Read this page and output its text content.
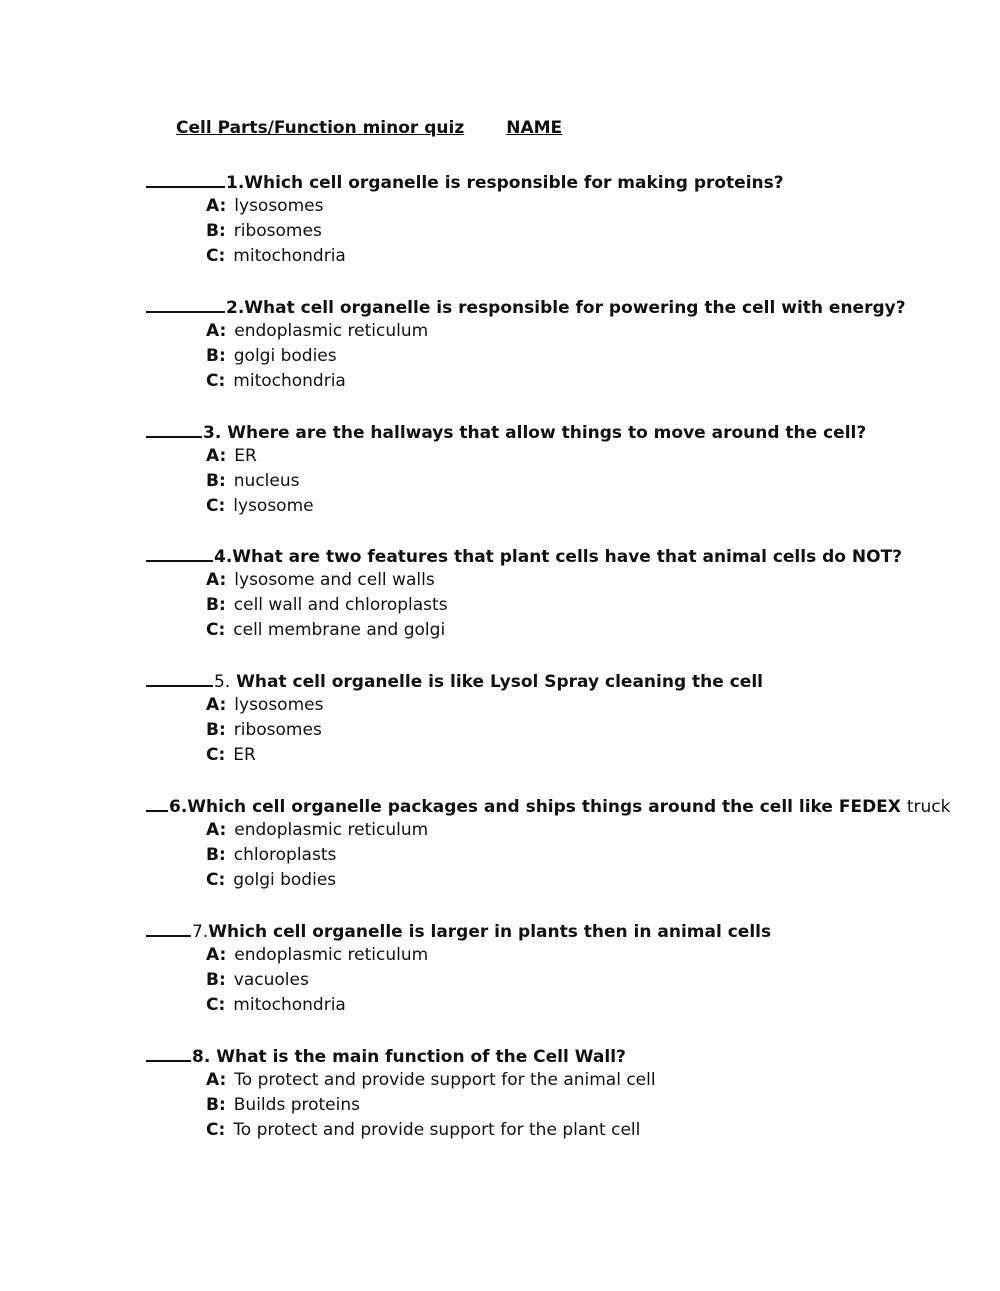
Cell Parts/Function minor quiz NAME
1.Which cell organelle is responsible for making proteins?
A: lysosomes
B: ribosomes
C: mitochondria
2.What cell organelle is responsible for powering the cell with energy?
A: endoplasmic reticulum
B: golgi bodies
C: mitochondria
3. Where are the hallways that allow things to move around the cell?
A: ER
B: nucleus
C: lysosome
4.What are two features that plant cells have that animal cells do NOT?
A: lysosome and cell walls
B: cell wall and chloroplasts
C: cell membrane and golgi
5. What cell organelle is like Lysol Spray cleaning the cell
A: lysosomes
B: ribosomes
C: ER
6.Which cell organelle packages and ships things around the cell like FEDEX truck
A: endoplasmic reticulum
B: chloroplasts
C: golgi bodies
7.Which cell organelle is larger in plants then in animal cells
A: endoplasmic reticulum
B: vacuoles
C: mitochondria
8. What is the main function of the Cell Wall?
A: To protect and provide support for the animal cell
B: Builds proteins
C: To protect and provide support for the plant cell
